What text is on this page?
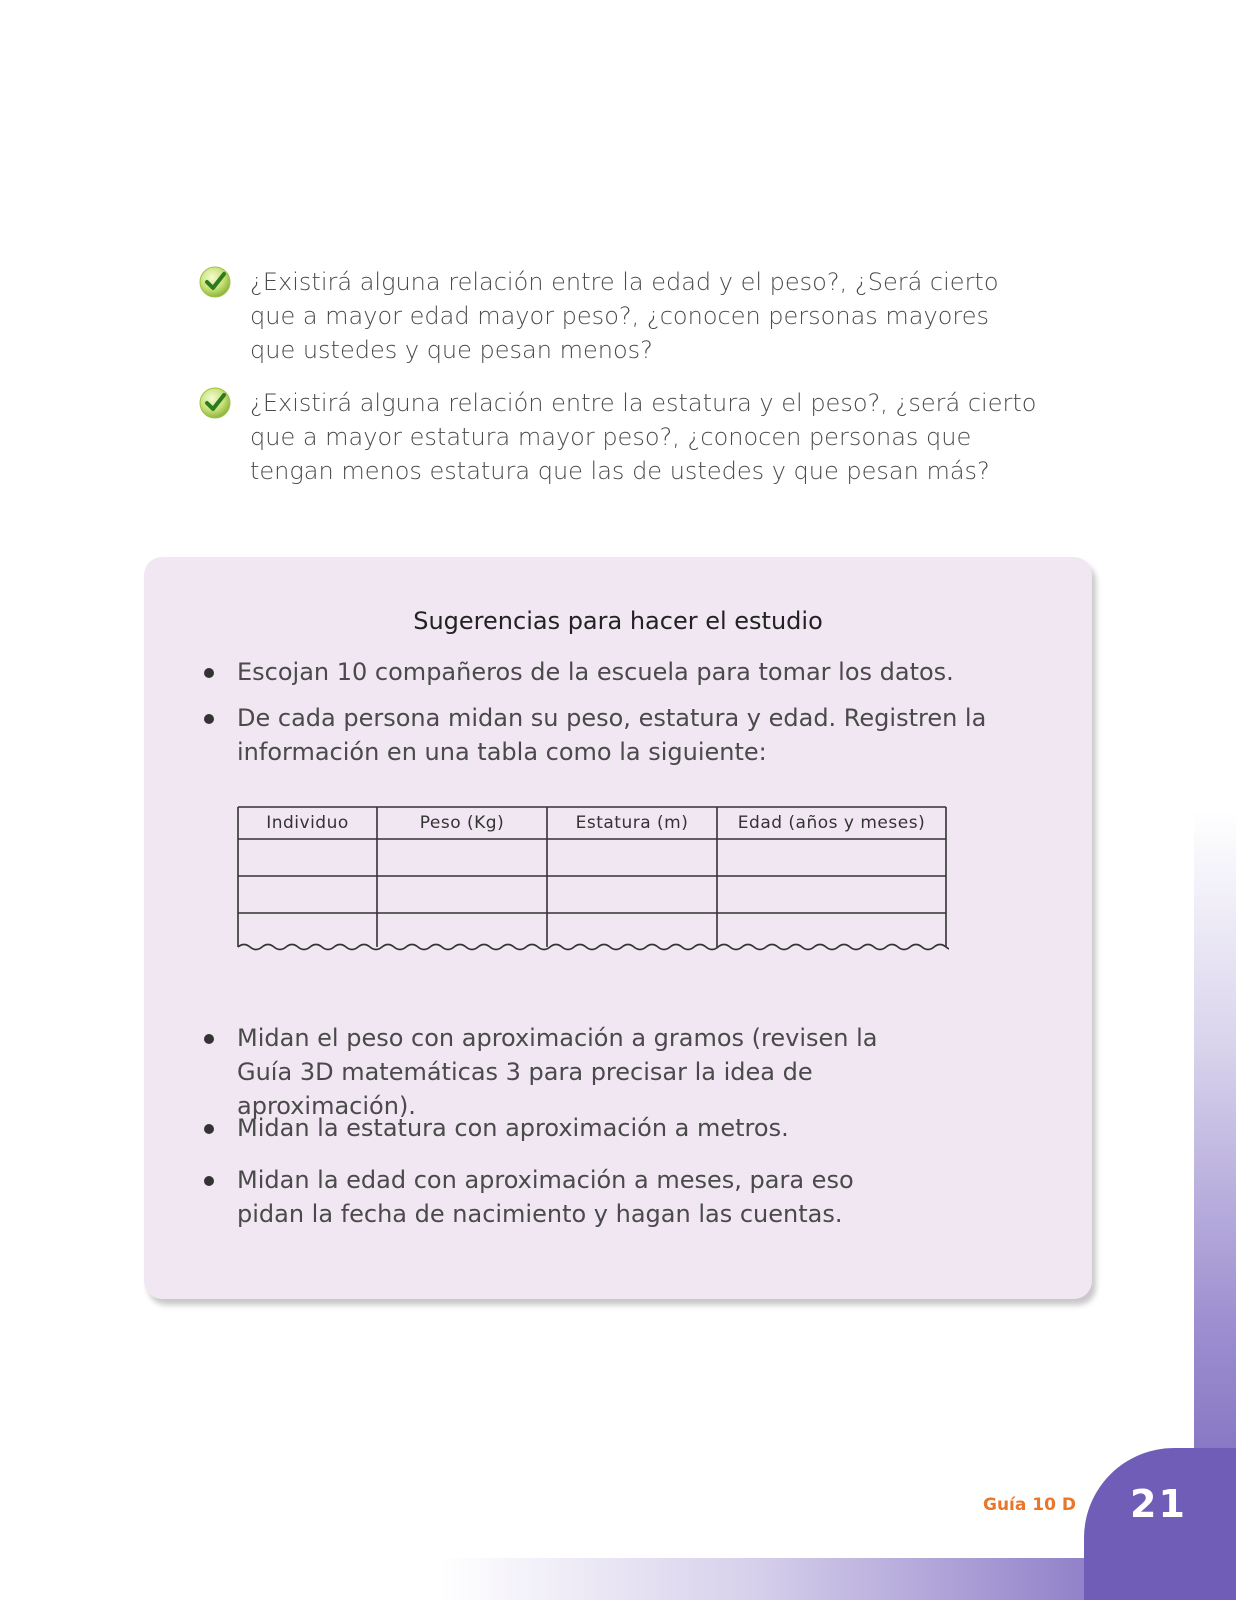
21
Guía 10 D
¿Existirá alguna relación entre la edad y el peso?, ¿Será cierto que a mayor edad mayor peso?, ¿conocen personas mayores que ustedes y que pesan menos?
¿Existirá alguna relación entre la estatura y el peso?, ¿será cierto que a mayor estatura mayor peso?, ¿conocen personas que tengan menos estatura que las de ustedes y que pesan más?
Sugerencias para hacer el estudio
Escojan 10 compañeros de la escuela para tomar los datos.
De cada persona midan su peso, estatura y edad. Registren la información en una tabla como la siguiente:
Individuo	Peso (Kg)	Estatura (m)	Edad (años y meses)
Midan el peso con aproximación a gramos (revisen la Guía 3D matemáticas 3 para precisar la idea de aproximación).
Midan la estatura con aproximación a metros.
Midan la edad con aproximación a meses, para eso pidan la fecha de nacimiento y hagan las cuentas.
